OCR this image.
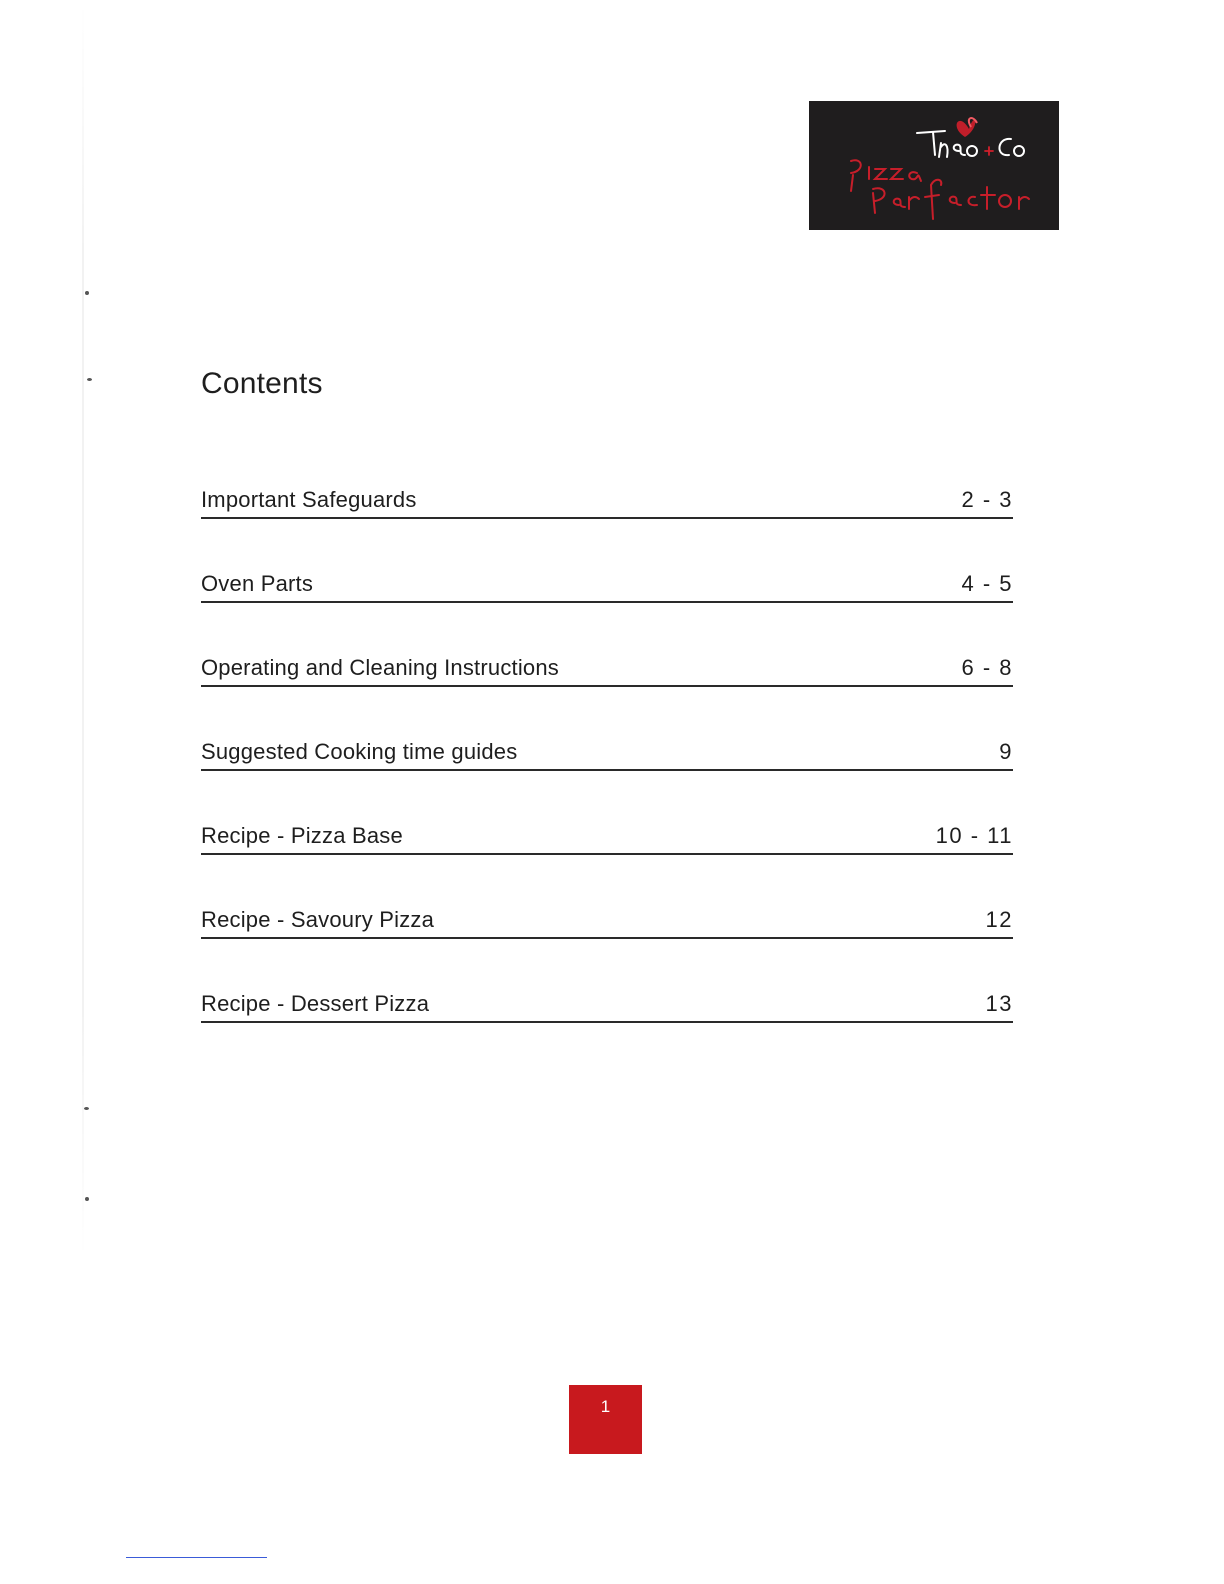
Contents
Important Safeguards	2 - 3
Oven Parts	4 - 5
Operating and Cleaning Instructions	6 - 8
Suggested Cooking time guides	9
Recipe - Pizza Base	10 - 11
Recipe - Savoury Pizza	12
Recipe - Dessert Pizza	13
1
